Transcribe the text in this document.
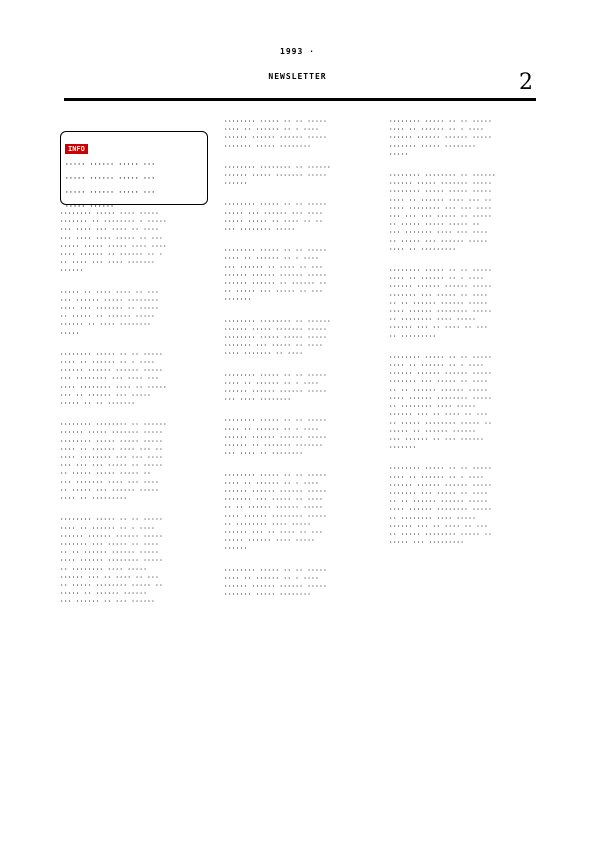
1993 ·
NEWSLETTER	2
INFO
····· ······ ····· ···
····· ······ ····· ···
····· ······ ····· ···
····· ······
········ ····· ···· ·····
······· ·· ········ · ·····
··· ···· ··· ···· ·· ····
··· ···· ···· ····· ·· ···
····· ····· ····· ···· ····
···· ······ ·· ······ ·· ·
·· ···· ··· ···· ·······
······
····· ·· ···· ···· ·· ···
··· ······ ····· ········
···· ··· ······· ·· ·····
·· ····· ·· ······ ·····
······ ·· ···· ········
·····
········ ····· ·· ·· ·····
···· ·· ······ ·· · ····
······ ······ ······ ·····
··· ········ ··· ···· ···
···· ········ ···· ·· ·····
··· ·· ······ ··· ·····
····· ·· ·· ·······
········ ········ ·· ······
······ ····· ······· ·····
········ ····· ····· ·····
···· ·· ······ ···· ··· ··
···· ········ ··· ··· ····
··· ··· ··· ····· ·· ·····
·· ····· ····· ····· ··
··· ······· ···· ··· ····
·· ····· ··· ······ ·····
···· ·· ·········
········ ····· ·· ·· ·····
···· ·· ······ ·· · ····
······ ······ ······ ·····
······· ··· ····· ·· ····
·· ·· ······ ······ ·····
···· ······ ········ ·····
·· ········ ···· ·····
······ ··· ·· ···· ·· ···
·· ····· ········ ····· ··
····· ·· ······ ······
··· ······ ·· ··· ······
········ ····· ·· ·· ·····
···· ·· ······ ·· · ····
······ ······ ······ ·····
······· ····· ········
········ ········ ·· ······
······ ····· ······· ·····
······
········ ····· ·· ·· ·····
····· ··· ······ ··· ····
····· ····· ·· ···· ·· ··
··· ········ ·····
········ ····· ·· ·· ·····
···· ·· ······ ·· · ····
··· ······ ·· ···· ·· ···
······ ······ ······ ·····
······ ······ ·· ······ ··
·· ····· ··· ····· ·· ···
·······
········ ········ ·· ······
······ ····· ······· ·····
········ ····· ····· ·····
······· ··· ····· ·· ····
···· ······· ·· ····
········ ····· ·· ·· ·····
···· ·· ······ ·· · ····
······ ······ ······ ·····
··· ···· ········
········ ····· ·· ·· ·····
···· ·· ······ ·· · ····
······ ······ ······ ·····
······ ·· ······· ·······
··· ···· ·· ········
········ ····· ·· ·· ·····
···· ·· ······ ·· · ····
······ ······ ······ ·····
······· ··· ····· ·· ····
·· ·· ······ ······ ·····
···· ······ ········ ·····
·· ········ ···· ·····
······ ··· ·· ···· ·· ···
····· ······ ···· ·····
······
········ ····· ·· ·· ·····
···· ·· ······ ·· · ····
······ ······ ······ ·····
······· ····· ········
········ ····· ·· ·· ·····
···· ·· ······ ·· · ····
······ ······ ······ ·····
······· ····· ········
·····
········ ········ ·· ······
······ ····· ······· ·····
········ ····· ····· ·····
···· ·· ······ ···· ··· ··
···· ········ ··· ··· ····
··· ··· ··· ····· ·· ·····
·· ····· ····· ····· ··
··· ······· ···· ··· ····
·· ····· ··· ······ ·····
···· ·· ·········
········ ····· ·· ·· ·····
···· ·· ······ ·· · ····
······ ······ ······ ·····
······· ··· ····· ·· ····
·· ·· ······ ······ ·····
···· ······ ········ ·····
·· ········ ···· ·····
······ ··· ·· ···· ·· ···
·· ·········
········ ····· ·· ·· ·····
···· ·· ······ ·· · ····
······ ······ ······ ·····
······· ··· ····· ·· ····
·· ·· ······ ······ ·····
···· ······ ········ ·····
·· ········ ···· ·····
······ ··· ·· ···· ·· ···
·· ····· ········ ····· ··
····· ·· ······ ······
··· ······ ·· ··· ······
·······
········ ····· ·· ·· ·····
···· ·· ······ ·· · ····
······ ······ ······ ·····
······· ··· ····· ·· ····
·· ·· ······ ······ ·····
···· ······ ········ ·····
·· ········ ···· ·····
······ ··· ·· ···· ·· ···
·· ····· ········ ····· ··
····· ··· ·········
